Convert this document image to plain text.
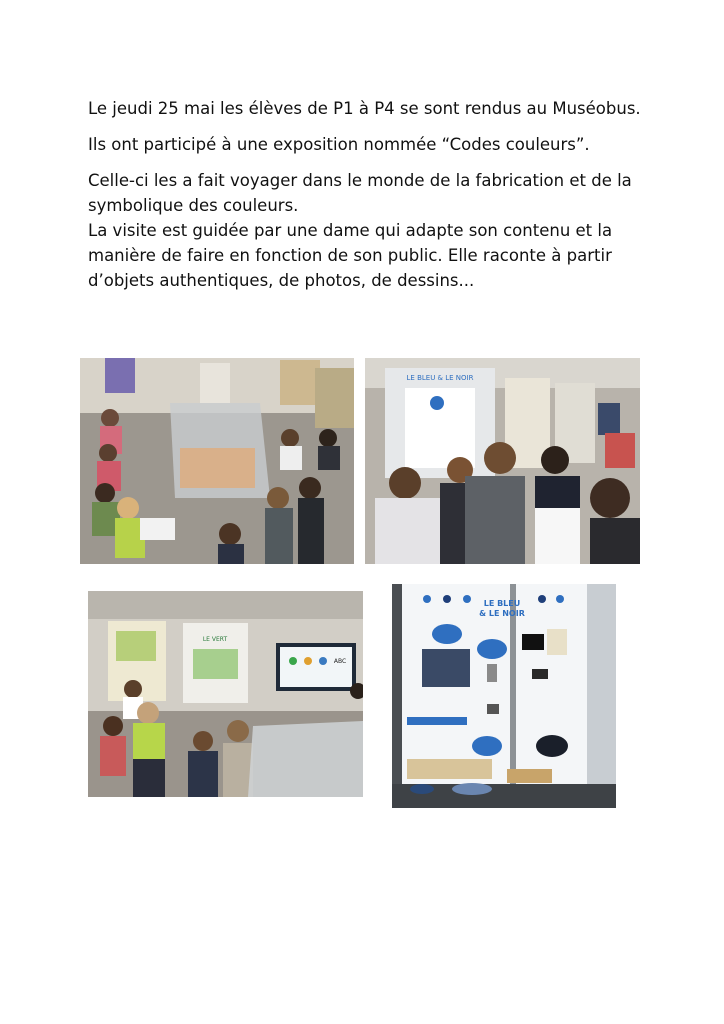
Le jeudi 25 mai les élèves de P1 à P4 se sont rendus au Muséobus.
Ils ont participé à une exposition nommée “Codes couleurs”.
Celle-ci les a fait voyager dans le monde de la fabrication et de la
symbolique des couleurs.
La visite est guidée par une dame qui adapte son contenu et la
manière de faire en fonction de son public. Elle raconte à partir
d’objets authentiques, de photos, de dessins...
LE BLEU & LE NOIR
LE VERT
ABC
LE BLEU
& LE NOIR
